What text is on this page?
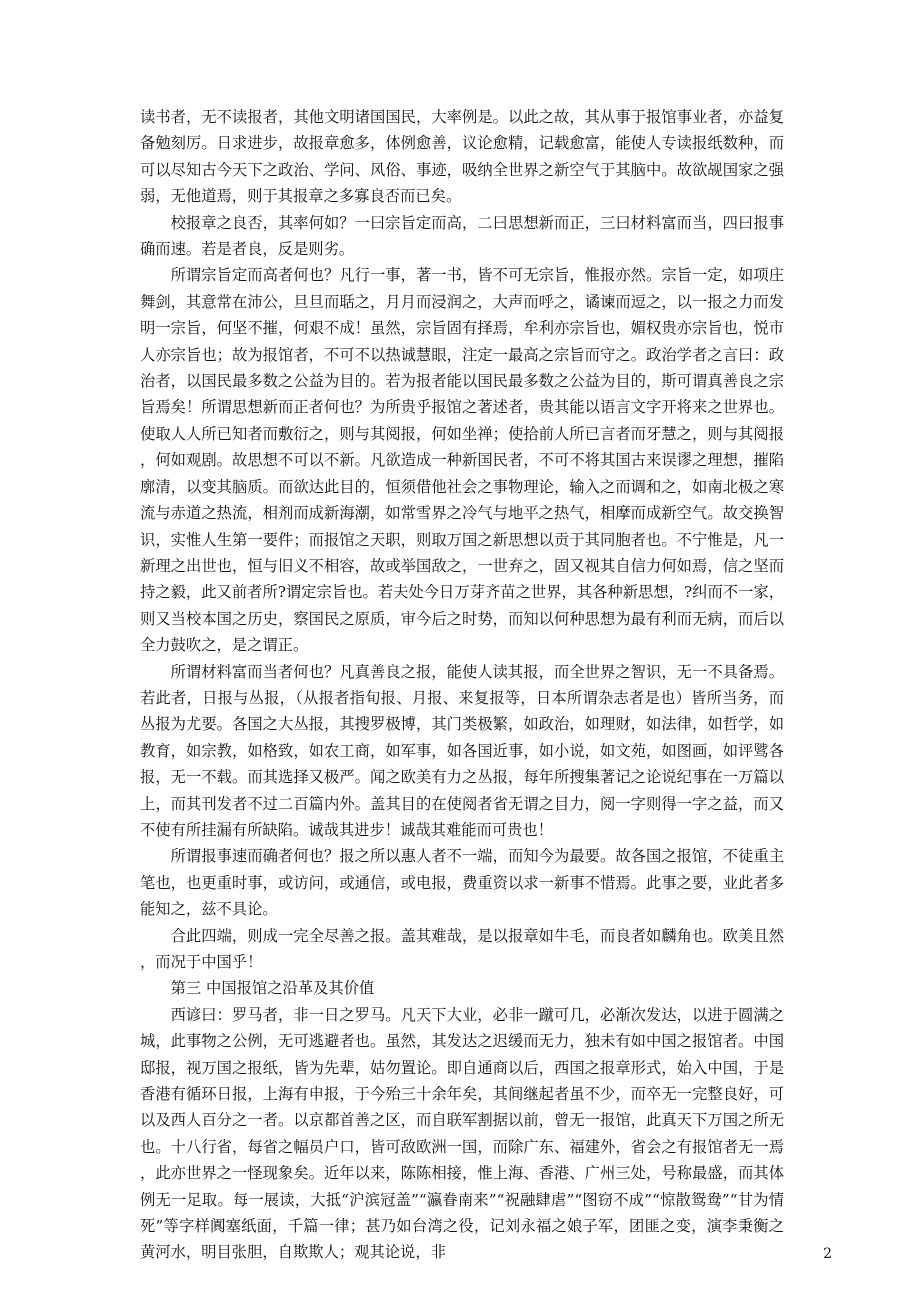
读书者，无不读报者，其他文明诸国国民，大率例是。以此之故，其从事于报馆事业者，亦益复备勉刻厉。日求进步，故报章愈多，体例愈善，议论愈精，记载愈富，能使人专读报纸数种，而可以尽知古今天下之政治、学问、风俗、事迹，吸纳全世界之新空气于其脑中。故欲觇国家之强弱，无他道焉，则于其报章之多寡良否而已矣。

校报章之良否，其率何如？一曰宗旨定而高，二曰思想新而正，三曰材料富而当，四曰报事确而速。若是者良，反是则劣。

所谓宗旨定而高者何也？凡行一事，著一书，皆不可无宗旨，惟报亦然。宗旨一定，如项庄舞剑，其意常在沛公，旦旦而聒之，月月而浸润之，大声而呼之，谲谏而逗之，以一报之力而发明一宗旨，何坚不摧，何艰不成！虽然，宗旨固有择焉，牟利亦宗旨也，媚权贵亦宗旨也，悦市人亦宗旨也；故为报馆者，不可不以热诚慧眼，注定一最高之宗旨而守之。政治学者之言曰：政治者，以国民最多数之公益为目的。若为报者能以国民最多数之公益为目的，斯可谓真善良之宗旨焉矣！所谓思想新而正者何也？为所贵乎报馆之著述者，贵其能以语言文字开将来之世界也。使取人人所已知者而敷衍之，则与其阅报，何如坐禅；使拾前人所已言者而牙慧之，则与其阅报，何如观剧。故思想不可以不新。凡欲造成一种新国民者，不可不将其国古来误谬之理想，摧陷廓清，以变其脑质。而欲达此目的，恒须借他社会之事物理论，输入之而调和之，如南北极之寒流与赤道之热流，相剂而成新海潮，如常雪界之冷气与地平之热气，相摩而成新空气。故交换智识，实惟人生第一要件；而报馆之天职，则取万国之新思想以贡于其同胞者也。不宁惟是，凡一新理之出世也，恒与旧义不相容，故或举国敌之，一世弃之，固又视其自信力何如焉，信之坚而持之毅，此又前者所?谓定宗旨也。若夫处今日万芽齐苗之世界，其各种新思想，?纠而不一家，则又当校本国之历史，察国民之原质，审今后之时势，而知以何种思想为最有利而无病，而后以全力鼓吹之，是之谓正。

所谓材料富而当者何也？凡真善良之报，能使人读其报，而全世界之智识，无一不具备焉。若此者，日报与丛报，（从报者指旬报、月报、来复报等，日本所谓杂志者是也）皆所当务，而丛报为尤要。各国之大丛报，其搜罗极博，其门类极繁，如政治，如理财，如法律，如哲学，如教育，如宗教，如格致，如农工商，如军事，如各国近事，如小说，如文苑，如图画，如评骘各报，无一不载。而其选择又极严。闻之欧美有力之丛报，每年所搜集著记之论说纪事在一万篇以上，而其刊发者不过二百篇内外。盖其目的在使阅者省无谓之目力，阅一字则得一字之益，而又不使有所挂漏有所缺陷。诚哉其进步！诚哉其难能而可贵也！

所谓报事速而确者何也？报之所以惠人者不一端，而知今为最要。故各国之报馆，不徒重主笔也，也更重时事，或访问，或通信，或电报，费重资以求一新事不惜焉。此事之要，业此者多能知之，兹不具论。

合此四端，则成一完全尽善之报。盖其难哉，是以报章如牛毛，而良者如麟角也。欧美且然，而况于中国乎！

第三 中国报馆之沿革及其价值

西谚曰：罗马者，非一日之罗马。凡天下大业，必非一蹴可几，必渐次发达，以进于圆满之城，此事物之公例，无可逃避者也。虽然，其发达之迟缓而无力，独未有如中国之报馆者。中国邸报，视万国之报纸，皆为先辈，姑勿置论。即自通商以后，西国之报章形式，始入中国，于是香港有循环日报，上海有申报，于今殆三十余年矣，其间继起者虽不少，而卒无一完整良好，可以及西人百分之一者。以京都首善之区，而自联军割据以前，曾无一报馆，此真天下万国之所无也。十八行省，每省之幅员户口，皆可敌欧洲一国，而除广东、福建外，省会之有报馆者无一焉，此亦世界之一怪现象矣。近年以来，陈陈相接，惟上海、香港、广州三处，号称最盛，而其体例无一足取。每一展读，大抵“沪滨冠盖”“瀛眷南来”“祝融肆虐”“图窃不成”“惊散鸳鸯”“甘为情死”等字样阗塞纸面，千篇一律；甚乃如台湾之役，记刘永福之娘子军，团匪之变，演李秉衡之黄河水，明目张胆，自欺欺人；观其论说，非	2
